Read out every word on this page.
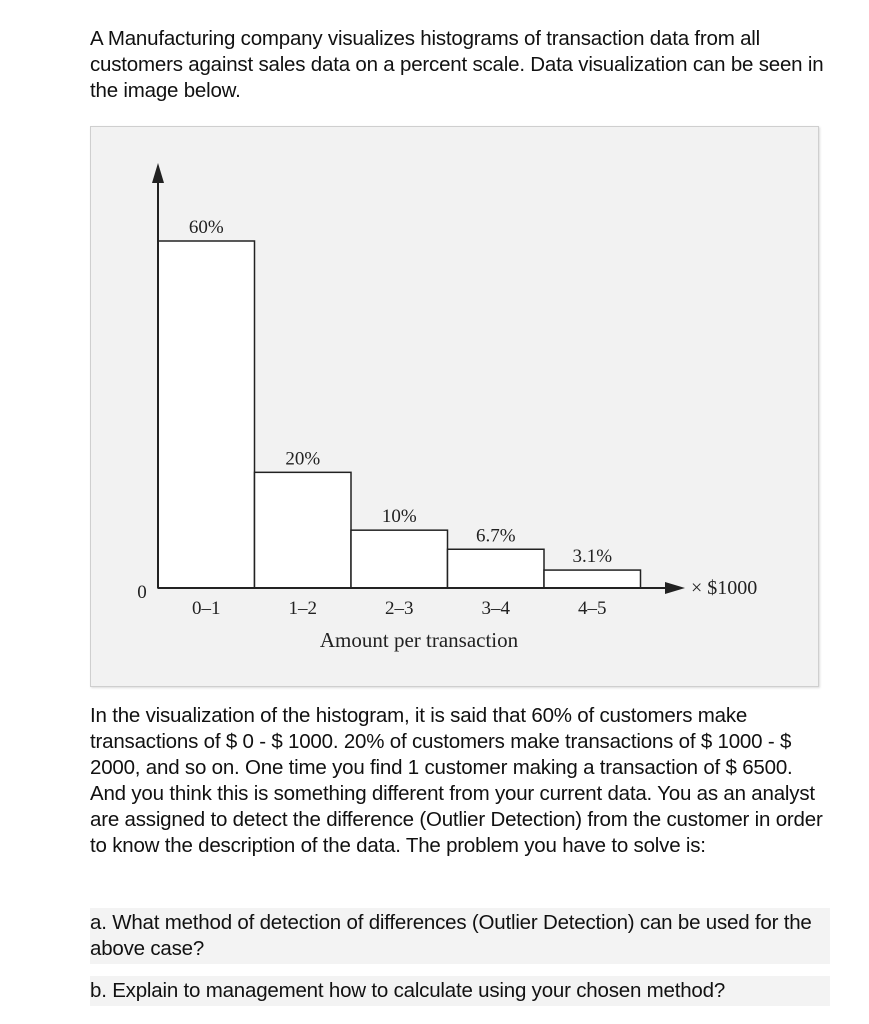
A Manufacturing company visualizes histograms of transaction data from all customers against sales data on a percent scale. Data visualization can be seen in the image below.

60%
0–1
20%
1–2
10%
2–3
6.7%
3–4
3.1%
4–5
0	× $1000
Amount per transaction

In the visualization of the histogram, it is said that 60% of customers make transactions of $ 0 - $ 1000. 20% of customers make transactions of $ 1000 - $ 2000, and so on. One time you find 1 customer making a transaction of $ 6500. And you think this is something different from your current data. You as an analyst are assigned to detect the difference (Outlier Detection) from the customer in order to know the description of the data. The problem you have to solve is:

a. What method of detection of differences (Outlier Detection) can be used for the above case?

b. Explain to management how to calculate using your chosen method?
